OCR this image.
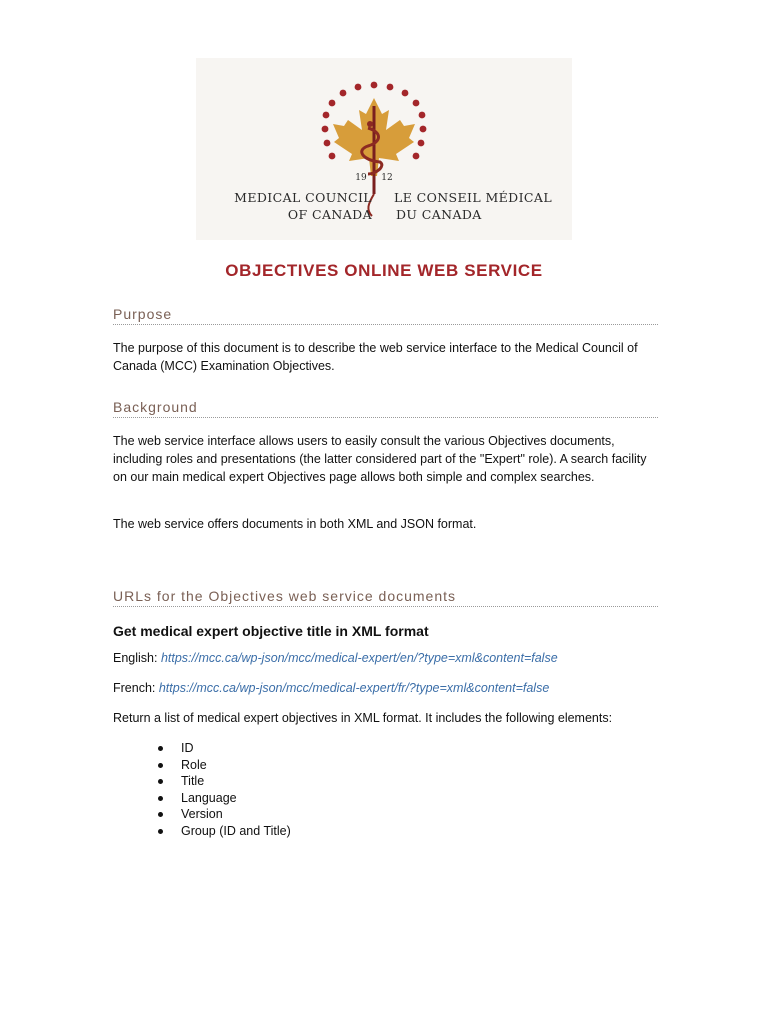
19 12
MEDICAL COUNCIL
OF CANADA
LE CONSEIL MÉDICAL
DU CANADA
OBJECTIVES ONLINE WEB SERVICE
Purpose
The purpose of this document is to describe the web service interface to the Medical Council of Canada (MCC) Examination Objectives.
Background
The web service interface allows users to easily consult the various Objectives documents, including roles and presentations (the latter considered part of the "Expert" role). A search facility on our main medical expert Objectives page allows both simple and complex searches.
The web service offers documents in both XML and JSON format.
URLs for the Objectives web service documents
Get medical expert objective title in XML format
English: https://mcc.ca/wp-json/mcc/medical-expert/en/?type=xml&content=false
French: https://mcc.ca/wp-json/mcc/medical-expert/fr/?type=xml&content=false
Return a list of medical expert objectives in XML format. It includes the following elements:
ID
Role
Title
Language
Version
Group (ID and Title)
